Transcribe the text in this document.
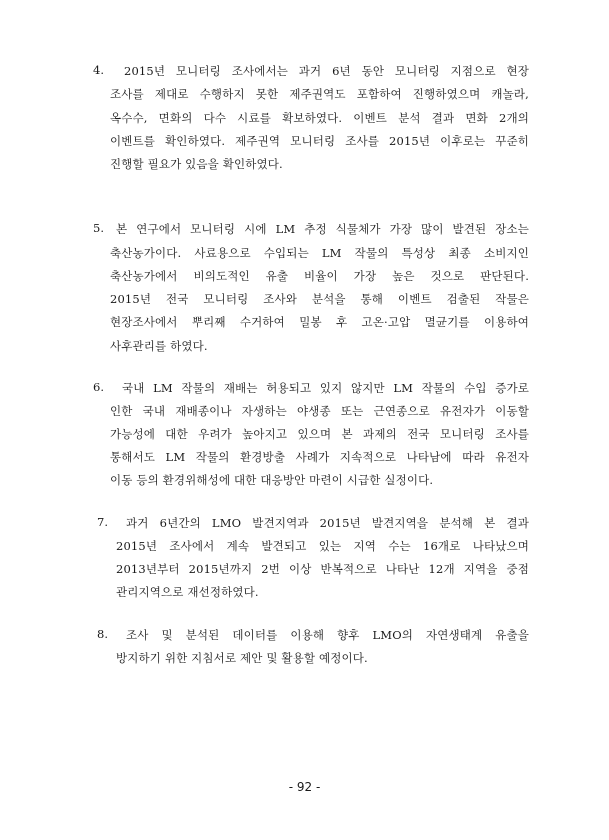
4. 2015년 모니터링 조사에서는 과거 6년 동안 모니터링 지점으로 현장
조사를 제대로 수행하지 못한 제주권역도 포함하여 진행하였으며 캐놀라,
옥수수, 면화의 다수 시료를 확보하였다. 이벤트 분석 결과 면화 2개의
이벤트를 확인하였다. 제주권역 모니터링 조사를 2015년 이후로는 꾸준히
진행할 필요가 있음을 확인하였다.
5. 본 연구에서 모니터링 시에 LM 추정 식물체가 가장 많이 발견된 장소는
축산농가이다. 사료용으로 수입되는 LM 작물의 특성상 최종 소비지인
축산농가에서 비의도적인 유출 비율이 가장 높은 것으로 판단된다.
2015년 전국 모니터링 조사와 분석을 통해 이벤트 검출된 작물은
현장조사에서 뿌리째 수거하여 밀봉 후 고온·고압 멸균기를 이용하여
사후관리를 하였다.
6. 국내 LM 작물의 재배는 허용되고 있지 않지만 LM 작물의 수입 증가로
인한 국내 재배종이나 자생하는 야생종 또는 근연종으로 유전자가 이동할
가능성에 대한 우려가 높아지고 있으며 본 과제의 전국 모니터링 조사를
통해서도 LM 작물의 환경방출 사례가 지속적으로 나타남에 따라 유전자
이동 등의 환경위해성에 대한 대응방안 마련이 시급한 실정이다.
7. 과거 6년간의 LMO 발견지역과 2015년 발견지역을 분석해 본 결과
2015년 조사에서 계속 발견되고 있는 지역 수는 16개로 나타났으며
2013년부터 2015년까지 2번 이상 반복적으로 나타난 12개 지역을 중점
관리지역으로 재선정하였다.
8. 조사 및 분석된 데이터를 이용해 향후 LMO의 자연생태계 유출을
방지하기 위한 지침서로 제안 및 활용할 예정이다.
- 92 -
